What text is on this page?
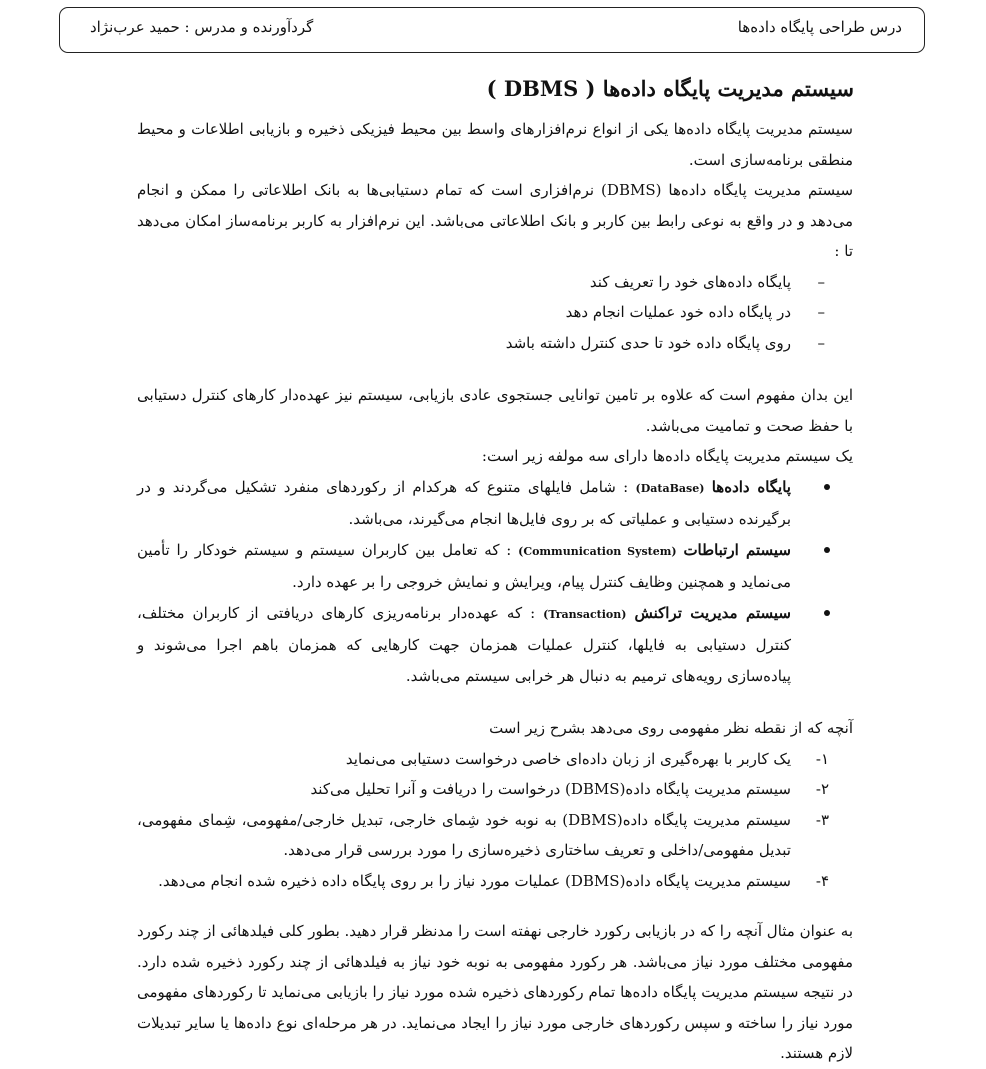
درس طراحی پایگاه داده‌ها
گردآورنده و مدرس : حمید عرب‌نژاد
سیستم مدیریت پایگاه داده‌ها ( DBMS )

سیستم مدیریت پایگاه داده‌ها یکی از انواع نرم‌افزارهای واسط بین محیط فیزیکی ذخیره و بازیابی اطلاعات و محیط منطقی برنامه‌سازی است.

سیستم مدیریت پایگاه داده‌ها (DBMS) نرم‌افزاری است که تمام دستیابی‌ها به بانک اطلاعاتی را ممکن و انجام می‌دهد و در واقع به نوعی رابط بین کاربر و بانک اطلاعاتی می‌باشد. این نرم‌افزار به کاربر برنامه‌ساز امکان می‌دهد تا :

– پایگاه داده‌های خود را تعریف کند
– در پایگاه داده خود عملیات انجام دهد
– روی پایگاه داده خود تا حدی کنترل داشته باشد

این بدان مفهوم است که علاوه بر تامین توانایی جستجوی عادی بازیابی، سیستم نیز عهده‌دار کارهای کنترل دستیابی با حفظ صحت و تمامیت می‌باشد.

یک سیستم مدیریت پایگاه داده‌ها دارای سه مولفه زیر است:

پایگاه داده‌ها (DataBase) : شامل فایلهای متنوع که هرکدام از رکوردهای منفرد تشکیل می‌گردند و در برگیرنده دستیابی و عملیاتی که بر روی فایل‌ها انجام می‌گیرند، می‌باشد.
سیستم ارتباطات (Communication System) : که تعامل بین کاربران سیستم و سیستم خودکار را تأمین می‌نماید و همچنین وظایف کنترل پیام، ویرایش و نمایش خروجی را بر عهده دارد.
سیستم مدیریت تراکنش (Transaction) : که عهده‌دار برنامه‌ریزی کارهای دریافتی از کاربران مختلف، کنترل دستیابی به فایلها، کنترل عملیات همزمان جهت کارهایی که همزمان باهم اجرا می‌شوند و پیاده‌سازی رویه‌های ترمیم به دنبال هر خرابی سیستم می‌باشد.

آنچه که از نقطه نظر مفهومی روی می‌دهد بشرح زیر است

۱-
یک کاربر با بهره‌گیری از زبان داده‌ای خاصی درخواست دستیابی می‌نماید
۲-
سیستم مدیریت پایگاه داده(DBMS) درخواست را دریافت و آنرا تحلیل می‌کند
۳-
سیستم مدیریت پایگاه داده(DBMS) به نوبه خود شِمای خارجی، تبدیل خارجی/مفهومی، شِمای مفهومی، تبدیل مفهومی/داخلی و تعریف ساختاری ذخیره‌سازی را مورد بررسی قرار می‌دهد.
۴-
سیستم مدیریت پایگاه داده(DBMS) عملیات مورد نیاز را بر روی پایگاه داده ذخیره شده انجام می‌دهد.

به عنوان مثال آنچه را که در بازیابی رکورد خارجی نهفته است را مدنظر قرار دهید. بطور کلی فیلدهائی از چند رکورد مفهومی مختلف مورد نیاز می‌باشد. هر رکورد مفهومی به نوبه خود نیاز به فیلدهائی از چند رکورد ذخیره شده دارد. در نتیجه سیستم مدیریت پایگاه داده‌ها تمام رکوردهای ذخیره شده مورد نیاز را بازیابی می‌نماید تا رکوردهای مفهومی مورد نیاز را ساخته و سپس رکوردهای خارجی مورد نیاز را ایجاد می‌نماید. در هر مرحله‌ای نوع داده‌ها یا سایر تبدیلات لازم هستند.
